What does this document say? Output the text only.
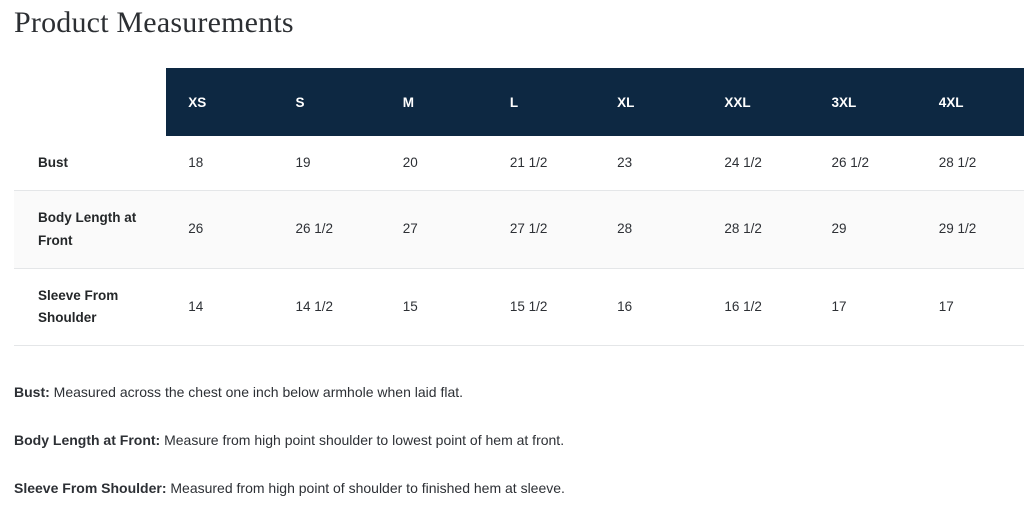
Product Measurements
	XS	S	M	L	XL	XXL	3XL	4XL
Bust	18	19	20	21 1/2	23	24 1/2	26 1/2	28 1/2
Body Length at Front	26	26 1/2	27	27 1/2	28	28 1/2	29	29 1/2
Sleeve From Shoulder	14	14 1/2	15	15 1/2	16	16 1/2	17	17

Bust: Measured across the chest one inch below armhole when laid flat.

Body Length at Front: Measure from high point shoulder to lowest point of hem at front.

Sleeve From Shoulder: Measured from high point of shoulder to finished hem at sleeve.
